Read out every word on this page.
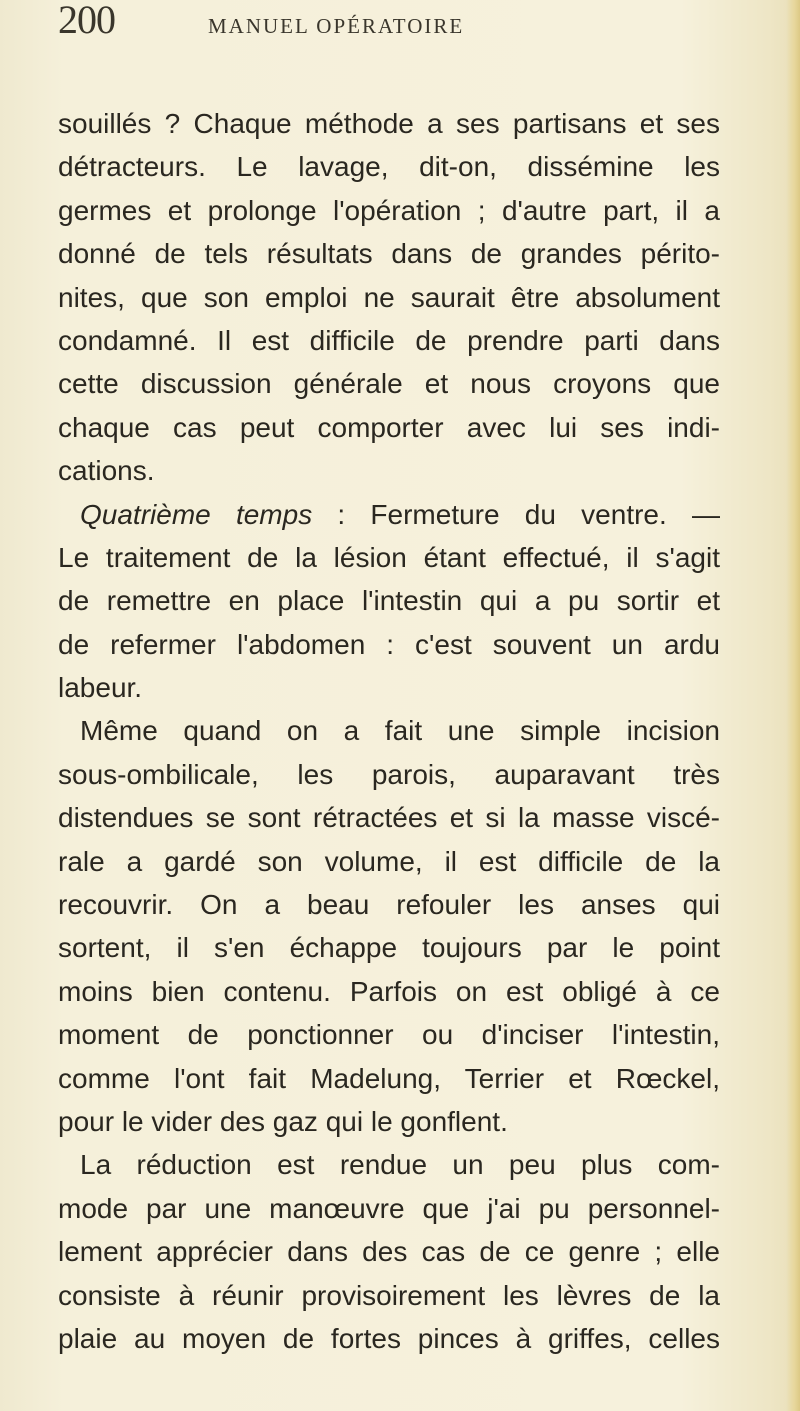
200	MANUEL OPÉRATOIRE
souillés ? Chaque méthode a ses partisans et ses
détracteurs. Le lavage, dit-on, dissémine les
germes et prolonge l'opération ; d'autre part, il a
donné de tels résultats dans de grandes périto-
nites, que son emploi ne saurait être absolument
condamné. Il est difficile de prendre parti dans
cette discussion générale et nous croyons que
chaque cas peut comporter avec lui ses indi-
cations.
Quatrième temps : Fermeture du ventre. —
Le traitement de la lésion étant effectué, il s'agit
de remettre en place l'intestin qui a pu sortir et
de refermer l'abdomen : c'est souvent un ardu
labeur.
Même quand on a fait une simple incision
sous-ombilicale, les parois, auparavant très
distendues se sont rétractées et si la masse viscé-
rale a gardé son volume, il est difficile de la
recouvrir. On a beau refouler les anses qui
sortent, il s'en échappe toujours par le point
moins bien contenu. Parfois on est obligé à ce
moment de ponctionner ou d'inciser l'intestin,
comme l'ont fait Madelung, Terrier et Rœckel,
pour le vider des gaz qui le gonflent.
La réduction est rendue un peu plus com-
mode par une manœuvre que j'ai pu personnel-
lement apprécier dans des cas de ce genre ; elle
consiste à réunir provisoirement les lèvres de la
plaie au moyen de fortes pinces à griffes, celles
